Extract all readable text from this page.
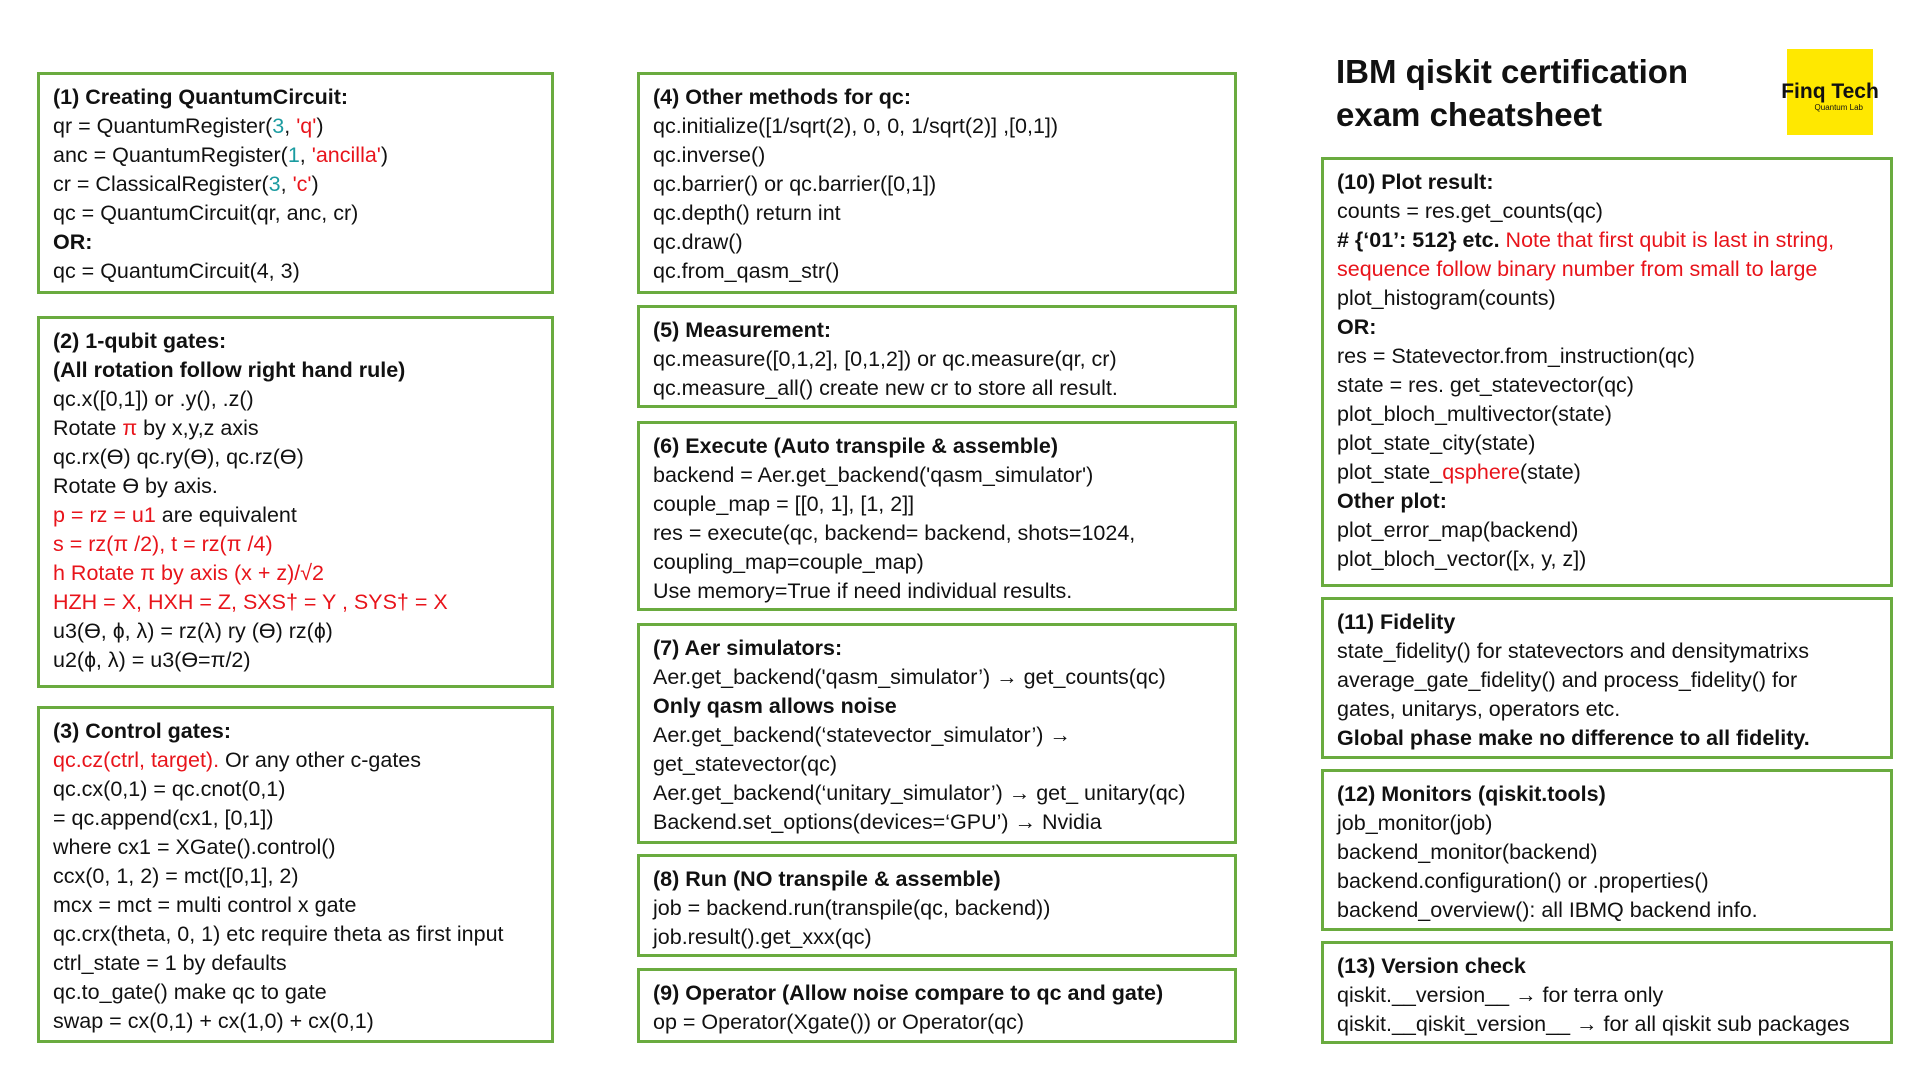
IBM qiskit certification
exam cheatsheet
Finq Tech
Quantum Lab
(1) Creating QuantumCircuit:
qr = QuantumRegister(3, 'q')
anc = QuantumRegister(1, 'ancilla')
cr = ClassicalRegister(3, 'c')
qc = QuantumCircuit(qr, anc, cr)
OR:
qc = QuantumCircuit(4, 3)
(2) 1-qubit gates:
(All rotation follow right hand rule)
qc.x([0,1]) or .y(), .z()
Rotate π by x,y,z axis
qc.rx(ϴ) qc.ry(ϴ), qc.rz(ϴ)
Rotate ϴ by axis.
p = rz = u1 are equivalent
s = rz(π /2), t = rz(π /4)
h Rotate π by axis (x + z)/√2
HZH = X, HXH = Z, SXS† = Y , SYS† = X
u3(ϴ, ɸ, λ) = rz(λ) ry (ϴ) rz(ɸ)
u2(ɸ, λ) = u3(ϴ=π/2)
(3) Control gates:
qc.cz(ctrl, target). Or any other c-gates
qc.cx(0,1) = qc.cnot(0,1)
= qc.append(cx1, [0,1])
where cx1 = XGate().control()
ccx(0, 1, 2) = mct([0,1], 2)
mcx = mct = multi control x gate
qc.crx(theta, 0, 1) etc require theta as first input
ctrl_state = 1 by defaults
qc.to_gate() make qc to gate
swap = cx(0,1) + cx(1,0) + cx(0,1)
(4) Other methods for qc:
qc.initialize([1/sqrt(2), 0, 0, 1/sqrt(2)] ,[0,1])
qc.inverse()
qc.barrier() or qc.barrier([0,1])
qc.depth() return int
qc.draw()
qc.from_qasm_str()
(5) Measurement:
qc.measure([0,1,2], [0,1,2]) or qc.measure(qr, cr)
qc.measure_all() create new cr to store all result.
(6) Execute (Auto transpile & assemble)
backend = Aer.get_backend('qasm_simulator')
couple_map = [[0, 1], [1, 2]]
res = execute(qc, backend= backend, shots=1024,
coupling_map=couple_map)
Use memory=True if need individual results.
(7) Aer simulators:
Aer.get_backend('qasm_simulator’) → get_counts(qc)
Only qasm allows noise
Aer.get_backend(‘statevector_simulator’) →
get_statevector(qc)
Aer.get_backend(‘unitary_simulator’) → get_ unitary(qc)
Backend.set_options(devices=‘GPU’) → Nvidia
(8) Run (NO transpile & assemble)
job = backend.run(transpile(qc, backend))
job.result().get_xxx(qc)
(9) Operator (Allow noise compare to qc and gate)
op = Operator(Xgate()) or Operator(qc)
(10) Plot result:
counts = res.get_counts(qc)
# {‘01’: 512} etc. Note that first qubit is last in string,
sequence follow binary number from small to large
plot_histogram(counts)
OR:
res = Statevector.from_instruction(qc)
state = res. get_statevector(qc)
plot_bloch_multivector(state)
plot_state_city(state)
plot_state_qsphere(state)
Other plot:
plot_error_map(backend)
plot_bloch_vector([x, y, z])
(11) Fidelity
state_fidelity() for statevectors and densitymatrixs
average_gate_fidelity() and process_fidelity() for
gates, unitarys, operators etc.
Global phase make no difference to all fidelity.
(12) Monitors (qiskit.tools)
job_monitor(job)
backend_monitor(backend)
backend.configuration() or .properties()
backend_overview(): all IBMQ backend info.
(13) Version check
qiskit.__version__ → for terra only
qiskit.__qiskit_version__ → for all qiskit sub packages
